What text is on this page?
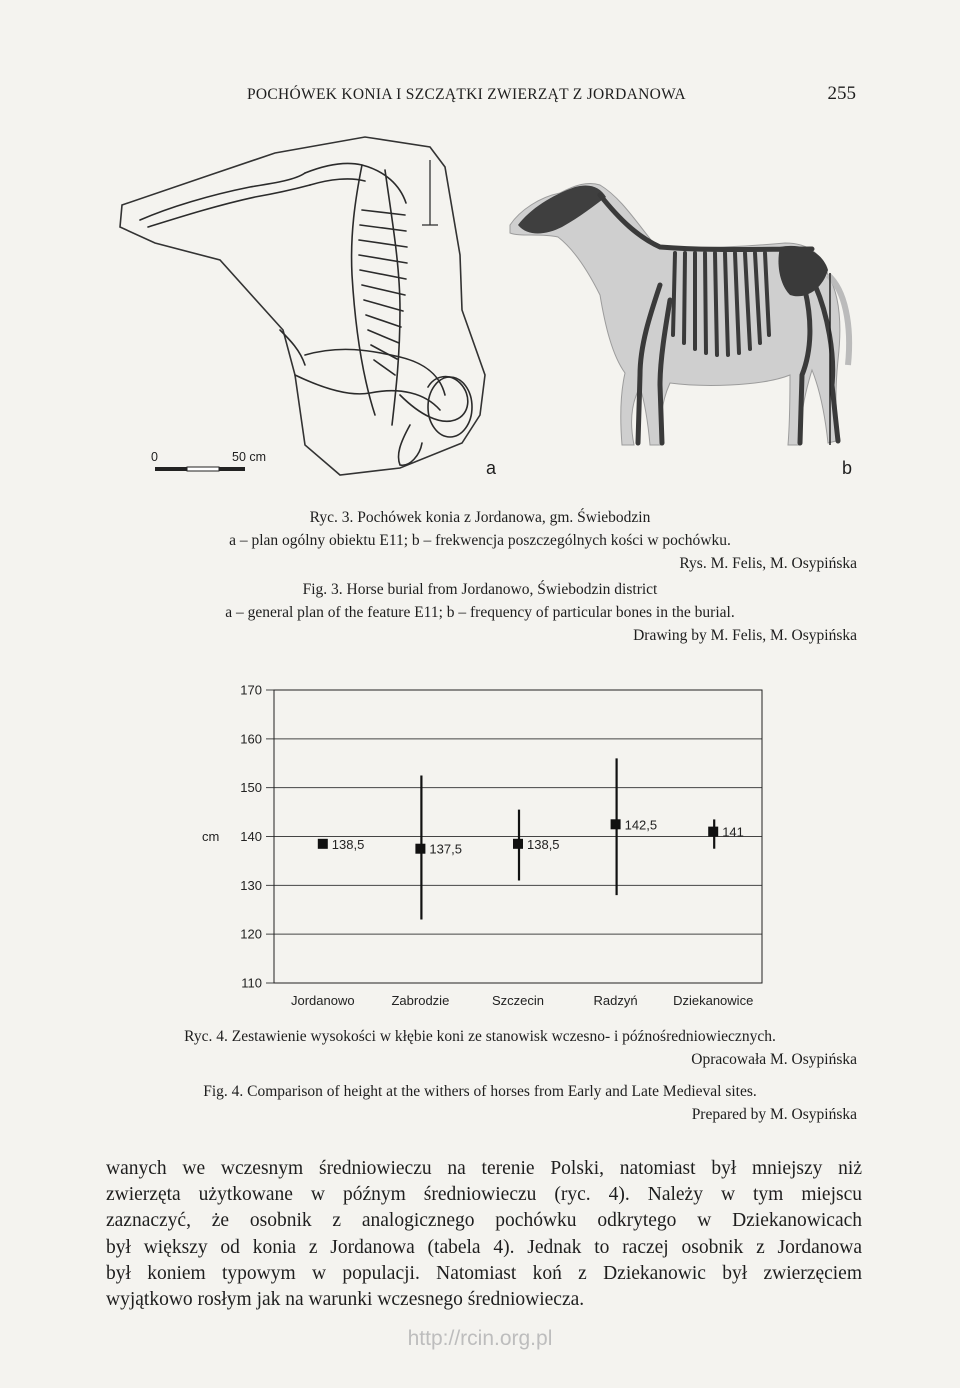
POCHÓWEK KONIA I SZCZĄTKI ZWIERZĄT Z JORDANOWA	255
a	b
0	50 cm
Ryc. 3. Pochówek konia z Jordanowa, gm. Świebodzin
a – plan ogólny obiektu E11; b – frekwencja poszczególnych kości w pochówku.
Rys. M. Felis, M. Osypińska
Fig. 3. Horse burial from Jordanowo, Świebodzin district
a – general plan of the feature E11; b – frequency of particular bones in the burial.
Drawing by M. Felis, M. Osypińska
110
120
130
140
150
160
170
cm
Jordanowo	Zabrodzie	Szczecin	Radzyń	Dziekanowice
138,5	137,5	138,5
142,5	141
Ryc. 4. Zestawienie wysokości w kłębie koni ze stanowisk wczesno- i późnośredniowiecznych.
Opracowała M. Osypińska
Fig. 4. Comparison of height at the withers of horses from Early and Late Medieval sites.
Prepared by M. Osypińska
wanych we wczesnym średniowieczu na terenie Polski, natomiast był mniejszy niż
zwierzęta użytkowane w późnym średniowieczu (ryc. 4). Należy w tym miejscu
zaznaczyć, że osobnik z analogicznego pochówku odkrytego w Dziekanowicach
był większy od konia z Jordanowa (tabela 4). Jednak to raczej osobnik z Jordanowa
był koniem typowym w populacji. Natomiast koń z Dziekanowic był zwierzęciem
wyjątkowo rosłym jak na warunki wczesnego średniowiecza.
http://rcin.org.pl
